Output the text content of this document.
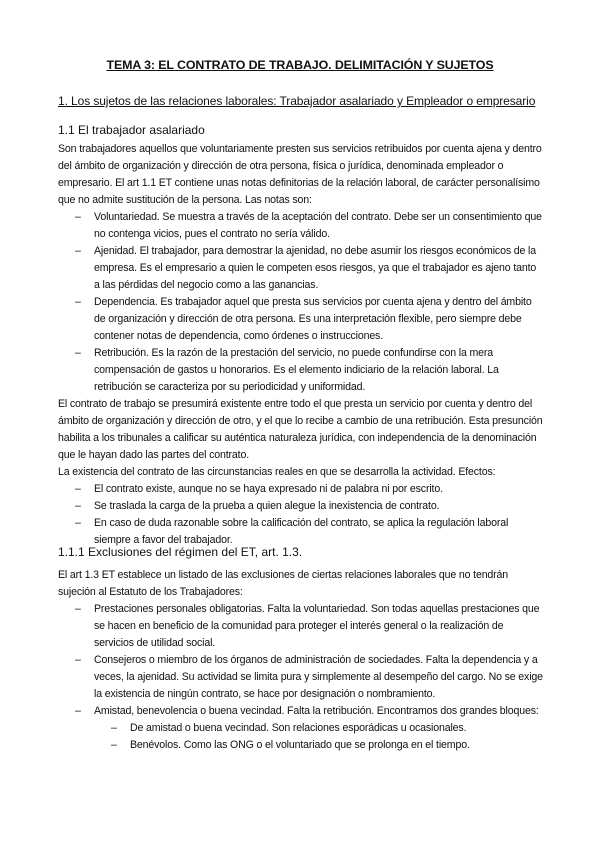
TEMA 3: EL CONTRATO DE TRABAJO. DELIMITACIÓN Y SUJETOS
1. Los sujetos de las relaciones laborales: Trabajador asalariado y Empleador o empresario
1.1 El trabajador asalariado

Son trabajadores aquellos que voluntariamente presten sus servicios retribuidos por cuenta ajena y dentro del ámbito de organización y dirección de otra persona, física o jurídica, denominada empleador o empresario. El art 1.1 ET contiene unas notas definitorias de la relación laboral, de carácter personalísimo que no admite sustitución de la persona. Las notas son:

– Voluntariedad. Se muestra a través de la aceptación del contrato. Debe ser un consentimiento que no contenga vicios, pues el contrato no sería válido.
– Ajenidad. El trabajador, para demostrar la ajenidad, no debe asumir los riesgos económicos de la empresa. Es el empresario a quien le competen esos riesgos, ya que el trabajador es ajeno tanto a las pérdidas del negocio como a las ganancias.
– Dependencia. Es trabajador aquel que presta sus servicios por cuenta ajena y dentro del ámbito de organización y dirección de otra persona. Es una interpretación flexible, pero siempre debe contener notas de dependencia, como órdenes o instrucciones.
– Retribución. Es la razón de la prestación del servicio, no puede confundirse con la mera compensación de gastos u honorarios. Es el elemento indiciario de la relación laboral. La retribución se caracteriza por su periodicidad y uniformidad.

El contrato de trabajo se presumirá existente entre todo el que presta un servicio por cuenta y dentro del ámbito de organización y dirección de otro, y el que lo recibe a cambio de una retribución. Esta presunción habilita a los tribunales a calificar su auténtica naturaleza jurídica, con independencia de la denominación que le hayan dado las partes del contrato.

La existencia del contrato de las circunstancias reales en que se desarrolla la actividad. Efectos:

– El contrato existe, aunque no se haya expresado ni de palabra ni por escrito.
– Se traslada la carga de la prueba a quien alegue la inexistencia de contrato.
– En caso de duda razonable sobre la calificación del contrato, se aplica la regulación laboral siempre a favor del trabajador.
1.1.1 Exclusiones del régimen del ET, art. 1.3.

El art 1.3 ET establece un listado de las exclusiones de ciertas relaciones laborales que no tendrán sujeción al Estatuto de los Trabajadores:

– Prestaciones personales obligatorias. Falta la voluntariedad. Son todas aquellas prestaciones que se hacen en beneficio de la comunidad para proteger el interés general o la realización de servicios de utilidad social.
– Consejeros o miembro de los órganos de administración de sociedades. Falta la dependencia y a veces, la ajenidad. Su actividad se limita pura y simplemente al desempeño del cargo. No se exige la existencia de ningún contrato, se hace por designación o nombramiento.
– Amistad, benevolencia o buena vecindad. Falta la retribución. Encontramos dos grandes bloques:
– De amistad o buena vecindad. Son relaciones esporádicas u ocasionales.
– Benévolos. Como las ONG o el voluntariado que se prolonga en el tiempo.
